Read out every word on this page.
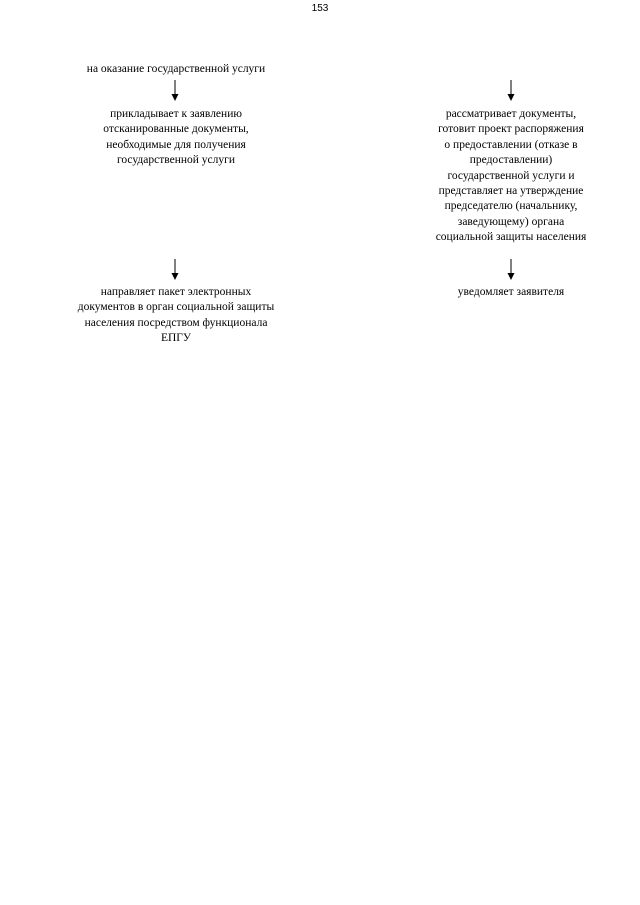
153
на оказание государственной услуги
прикладывает к заявлению
отсканированные документы,
необходимые для получения
государственной услуги
направляет пакет электронных
документов в орган социальной защиты
населения посредством функционала
ЕПГУ
рассматривает документы,
готовит проект распоряжения
о предоставлении (отказе в
предоставлении)
государственной услуги и
представляет на утверждение
председателю (начальнику,
заведующему) органа
социальной защиты населения
уведомляет заявителя
